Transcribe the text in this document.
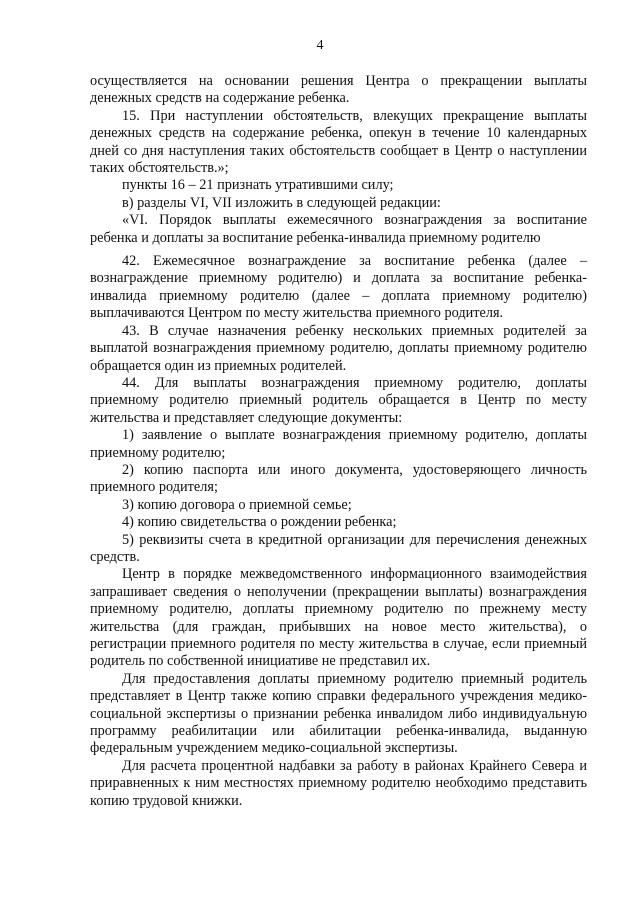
4

осуществляется на основании решения Центра о прекращении выплаты денежных средств на содержание ребенка.

15. При наступлении обстоятельств, влекущих прекращение выплаты денежных средств на содержание ребенка, опекун в течение 10 календарных дней со дня наступления таких обстоятельств сообщает в Центр о наступлении таких обстоятельств.»;

пункты 16 – 21 признать утратившими силу;

в) разделы VI, VII изложить в следующей редакции:

«VI. Порядок выплаты ежемесячного вознаграждения за воспитание ребенка и доплаты за воспитание ребенка-инвалида приемному родителю

42. Ежемесячное вознаграждение за воспитание ребенка (далее – вознаграждение приемному родителю) и доплата за воспитание ребенка-инвалида приемному родителю (далее – доплата приемному родителю) выплачиваются Центром по месту жительства приемного родителя.

43. В случае назначения ребенку нескольких приемных родителей за выплатой вознаграждения приемному родителю, доплаты приемному родителю обращается один из приемных родителей.

44. Для выплаты вознаграждения приемному родителю, доплаты приемному родителю приемный родитель обращается в Центр по месту жительства и представляет следующие документы:

1) заявление о выплате вознаграждения приемному родителю, доплаты приемному родителю;

2) копию паспорта или иного документа, удостоверяющего личность приемного родителя;

3) копию договора о приемной семье;

4) копию свидетельства о рождении ребенка;

5) реквизиты счета в кредитной организации для перечисления денежных средств.

Центр в порядке межведомственного информационного взаимодействия запрашивает сведения о неполучении (прекращении выплаты) вознаграждения приемному родителю, доплаты приемному родителю по прежнему месту жительства (для граждан, прибывших на новое место жительства), о регистрации приемного родителя по месту жительства в случае, если приемный родитель по собственной инициативе не представил их.

Для предоставления доплаты приемному родителю приемный родитель представляет в Центр также копию справки федерального учреждения медико-социальной экспертизы о признании ребенка инвалидом либо индивидуальную программу реабилитации или абилитации ребенка-инвалида, выданную федеральным учреждением медико-социальной экспертизы.

Для расчета процентной надбавки за работу в районах Крайнего Севера и приравненных к ним местностях приемному родителю необходимо представить копию трудовой книжки.
